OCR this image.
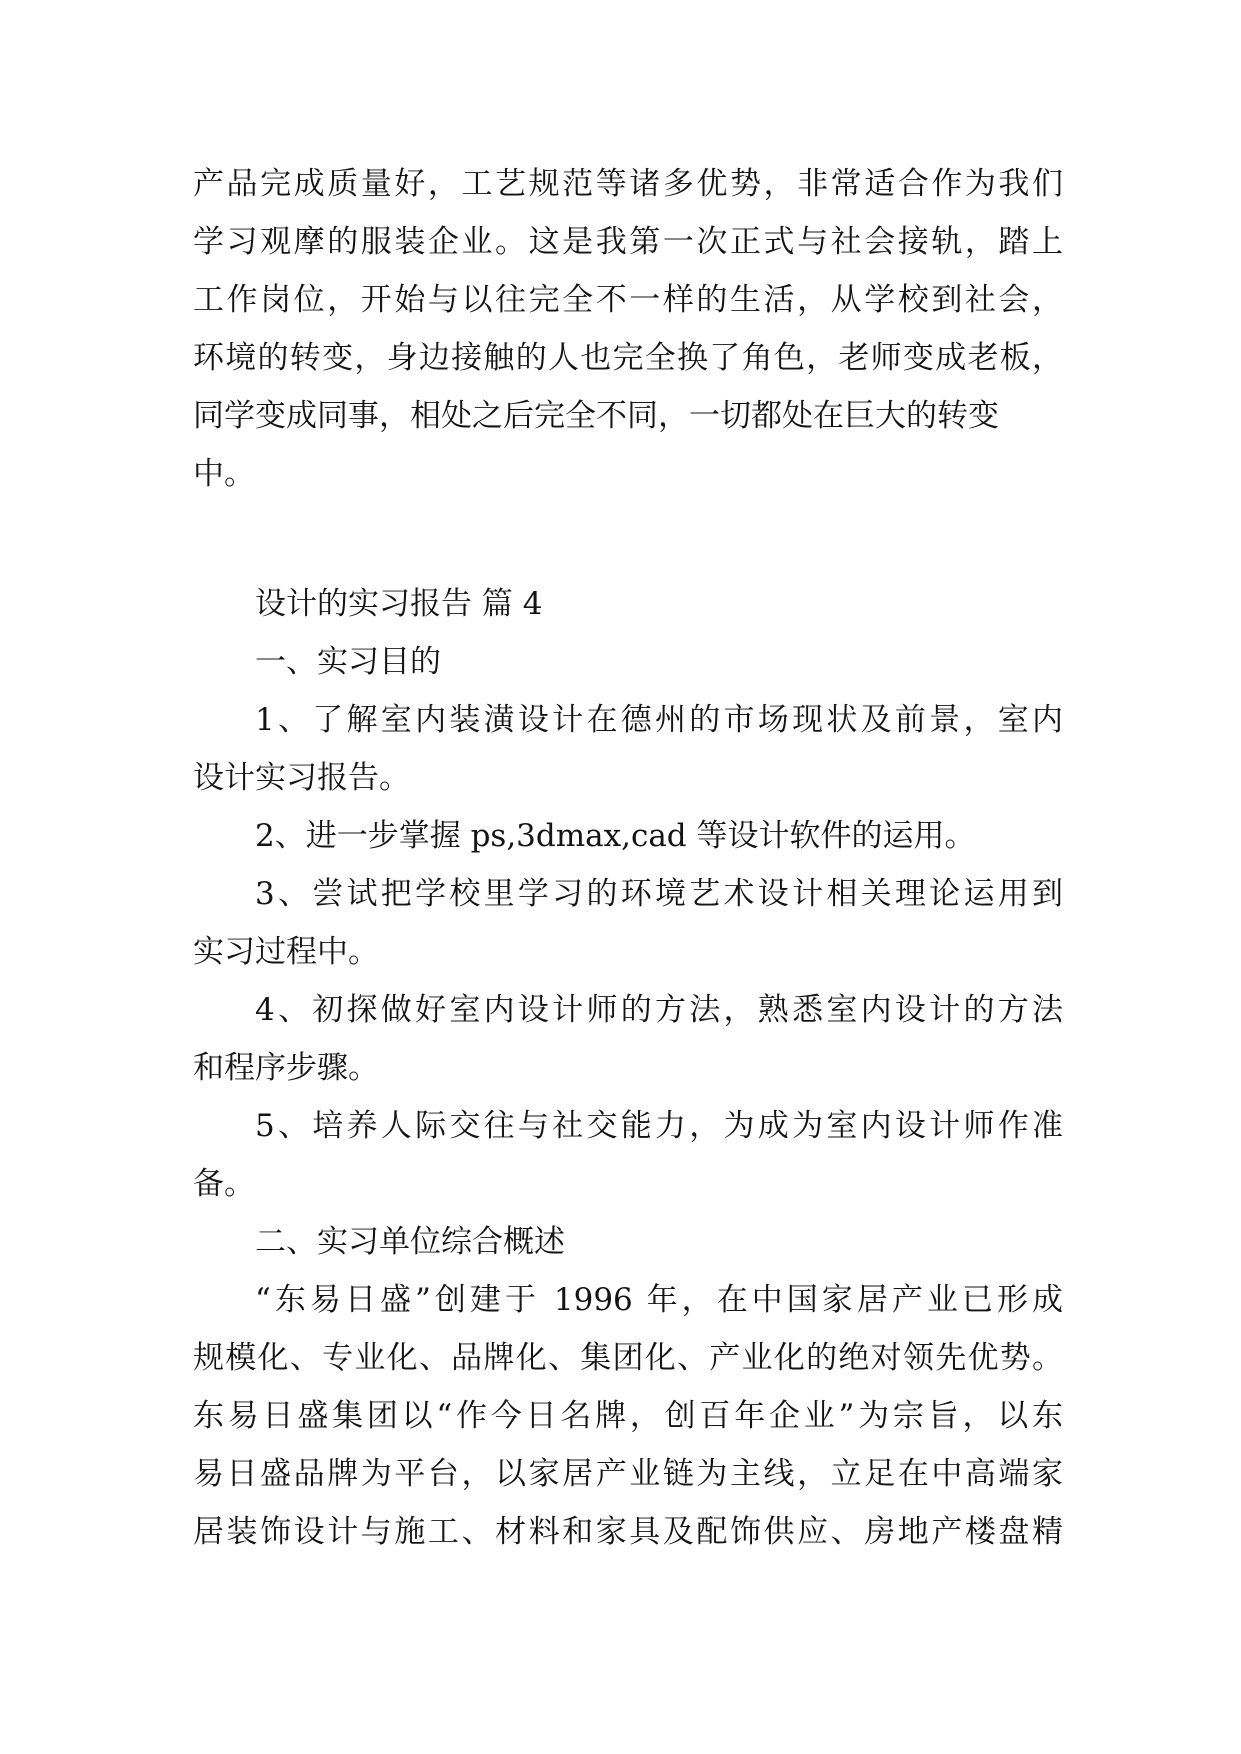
产品完成质量好，工艺规范等诸多优势，非常适合作为我们
学习观摩的服装企业。这是我第一次正式与社会接轨，踏上
工作岗位，开始与以往完全不一样的生活，从学校到社会，
环境的转变，身边接触的人也完全换了角色，老师变成老板，
同学变成同事，相处之后完全不同，一切都处在巨大的转变
中。
设计的实习报告 篇 4
一、实习目的
1、了解室内装潢设计在德州的市场现状及前景，室内
设计实习报告。
2、进一步掌握 ps,3dmax,cad 等设计软件的运用。
3、尝试把学校里学习的环境艺术设计相关理论运用到
实习过程中。
4、初探做好室内设计师的方法，熟悉室内设计的方法
和程序步骤。
5、培养人际交往与社交能力，为成为室内设计师作准
备。
二、实习单位综合概述
“东易日盛”创建于 1996 年，在中国家居产业已形成
规模化、专业化、品牌化、集团化、产业化的绝对领先优势。
东易日盛集团以“作今日名牌，创百年企业”为宗旨，以东
易日盛品牌为平台，以家居产业链为主线，立足在中高端家
居装饰设计与施工、材料和家具及配饰供应、房地产楼盘精
